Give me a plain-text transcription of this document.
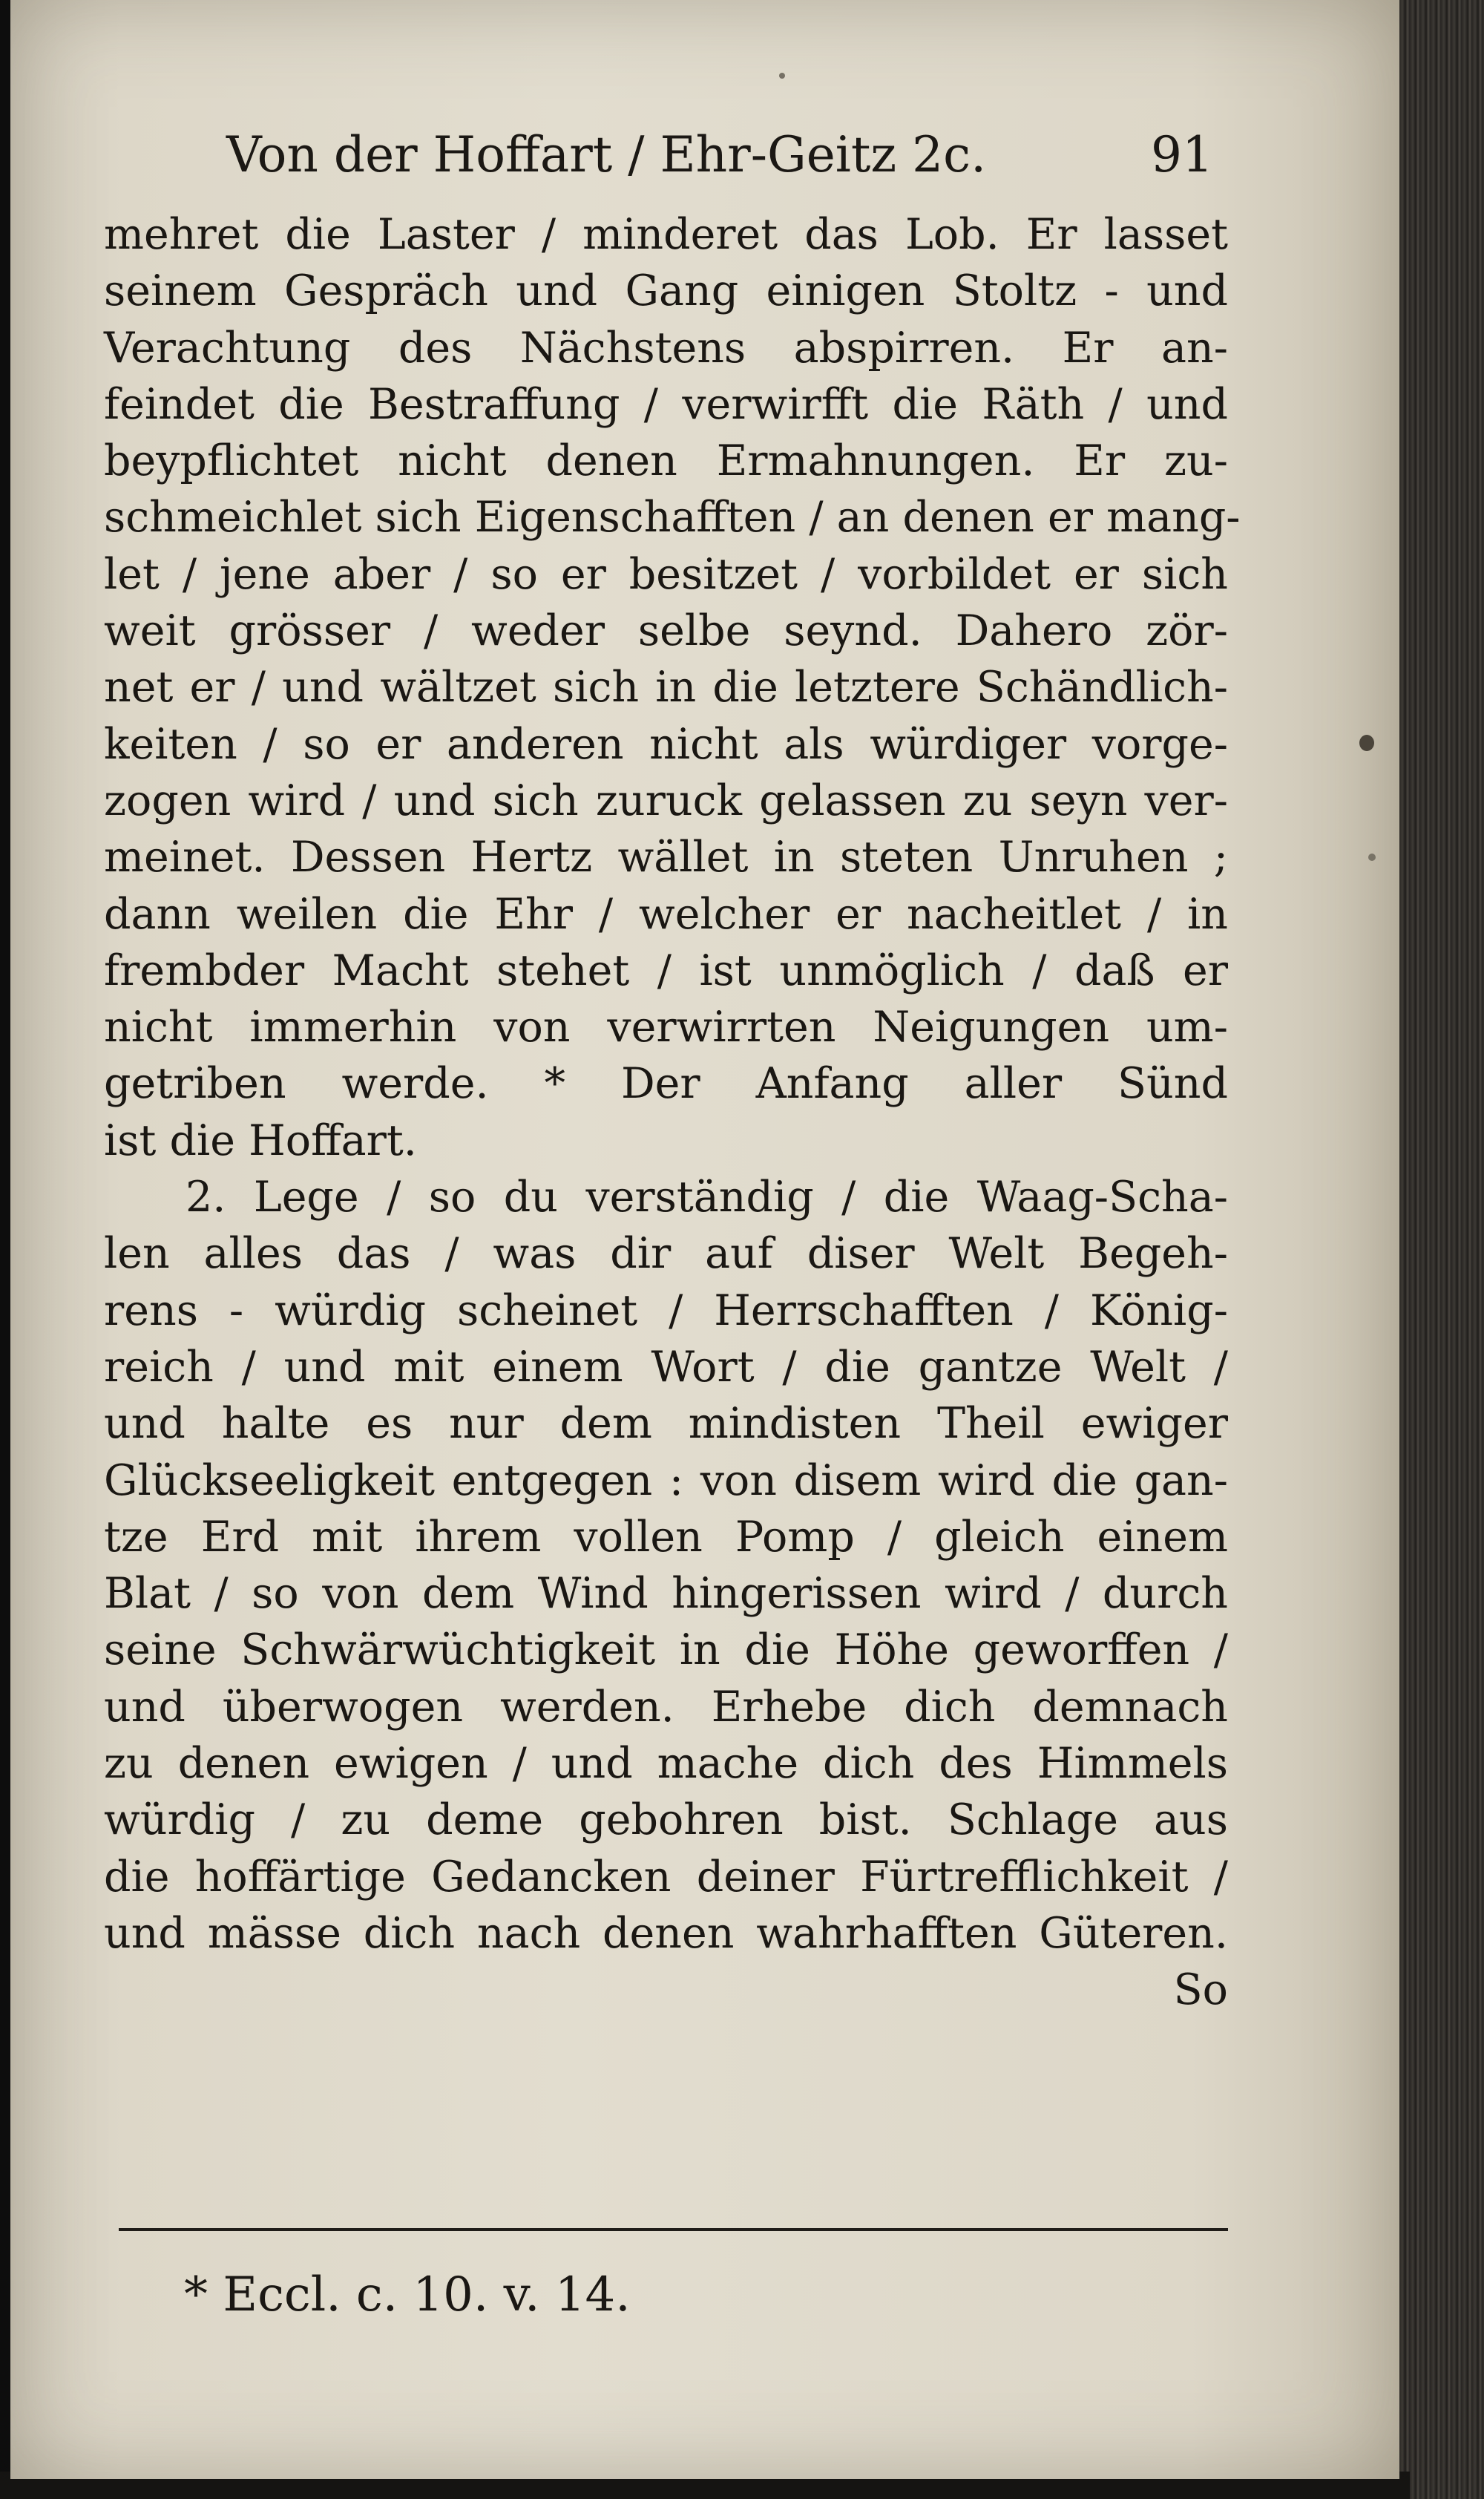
Von der Hoffart / Ehr-Geitz 2c.	91
mehret die Laster / minderet das Lob. Er lasset
seinem Gespräch und Gang einigen Stoltz - und
Verachtung des Nächstens abspirren. Er an-
feindet die Bestraffung / verwirfft die Räth / und
beypflichtet nicht denen Ermahnungen. Er zu-
schmeichlet sich Eigenschafften / an denen er mang-
let / jene aber / so er besitzet / vorbildet er sich
weit grösser / weder selbe seynd. Dahero zör-
net er / und wältzet sich in die letztere Schändlich-
keiten / so er anderen nicht als würdiger vorge-
zogen wird / und sich zuruck gelassen zu seyn ver-
meinet. Dessen Hertz wället in steten Unruhen ;
dann weilen die Ehr / welcher er nacheitlet / in
frembder Macht stehet / ist unmöglich / daß er
nicht immerhin von verwirrten Neigungen um-
getriben werde. * Der Anfang aller Sünd
ist die Hoffart.
2. Lege / so du verständig / die Waag-Scha-
len alles das / was dir auf diser Welt Begeh-
rens - würdig scheinet / Herrschafften / König-
reich / und mit einem Wort / die gantze Welt /
und halte es nur dem mindisten Theil ewiger
Glückseeligkeit entgegen : von disem wird die gan-
tze Erd mit ihrem vollen Pomp / gleich einem
Blat / so von dem Wind hingerissen wird / durch
seine Schwärwüchtigkeit in die Höhe geworffen /
und überwogen werden. Erhebe dich demnach
zu denen ewigen / und mache dich des Himmels
würdig / zu deme gebohren bist. Schlage aus
die hoffärtige Gedancken deiner Fürtrefflichkeit /
und mässe dich nach denen wahrhafften Güteren.
So
* Eccl. c. 10. v. 14.
